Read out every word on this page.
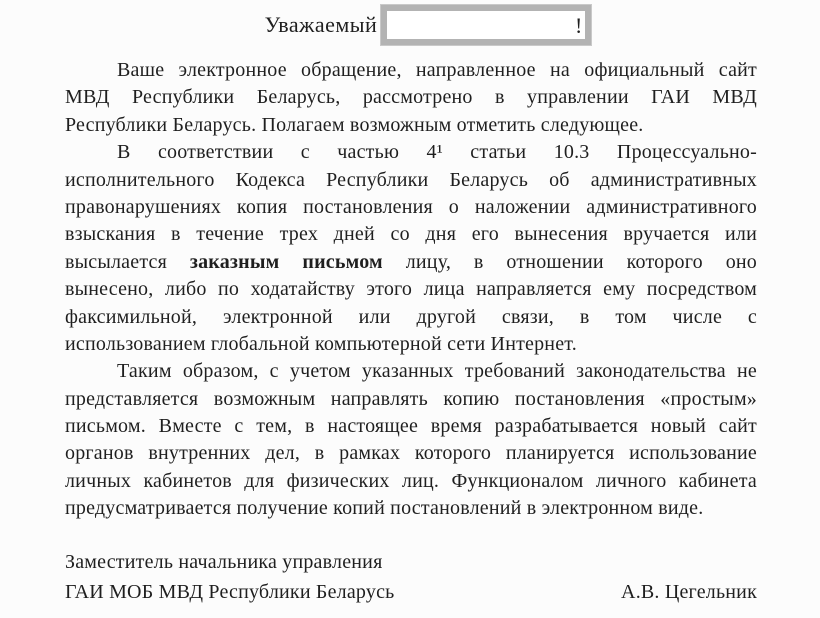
Уважаемый	!
Ваше электронное обращение, направленное на официальный сайт
МВД Республики Беларусь, рассмотрено в управлении ГАИ МВД
Республики Беларусь. Полагаем возможным отметить следующее.
В соответствии с частью 4¹ статьи 10.3 Процессуально-
исполнительного Кодекса Республики Беларусь об административных
правонарушениях копия постановления о наложении административного
взыскания в течение трех дней со дня его вынесения вручается или
высылается заказным письмом лицу, в отношении которого оно
вынесено, либо по ходатайству этого лица направляется ему посредством
факсимильной, электронной или другой связи, в том числе с
использованием глобальной компьютерной сети Интернет.
Таким образом, с учетом указанных требований законодательства не
представляется возможным направлять копию постановления «простым»
письмом. Вместе с тем, в настоящее время разрабатывается новый сайт
органов внутренних дел, в рамках которого планируется использование
личных кабинетов для физических лиц. Функционалом личного кабинета
предусматривается получение копий постановлений в электронном виде.
Заместитель начальника управления
ГАИ МОБ МВД Республики Беларусь	А.В. Цегельник
